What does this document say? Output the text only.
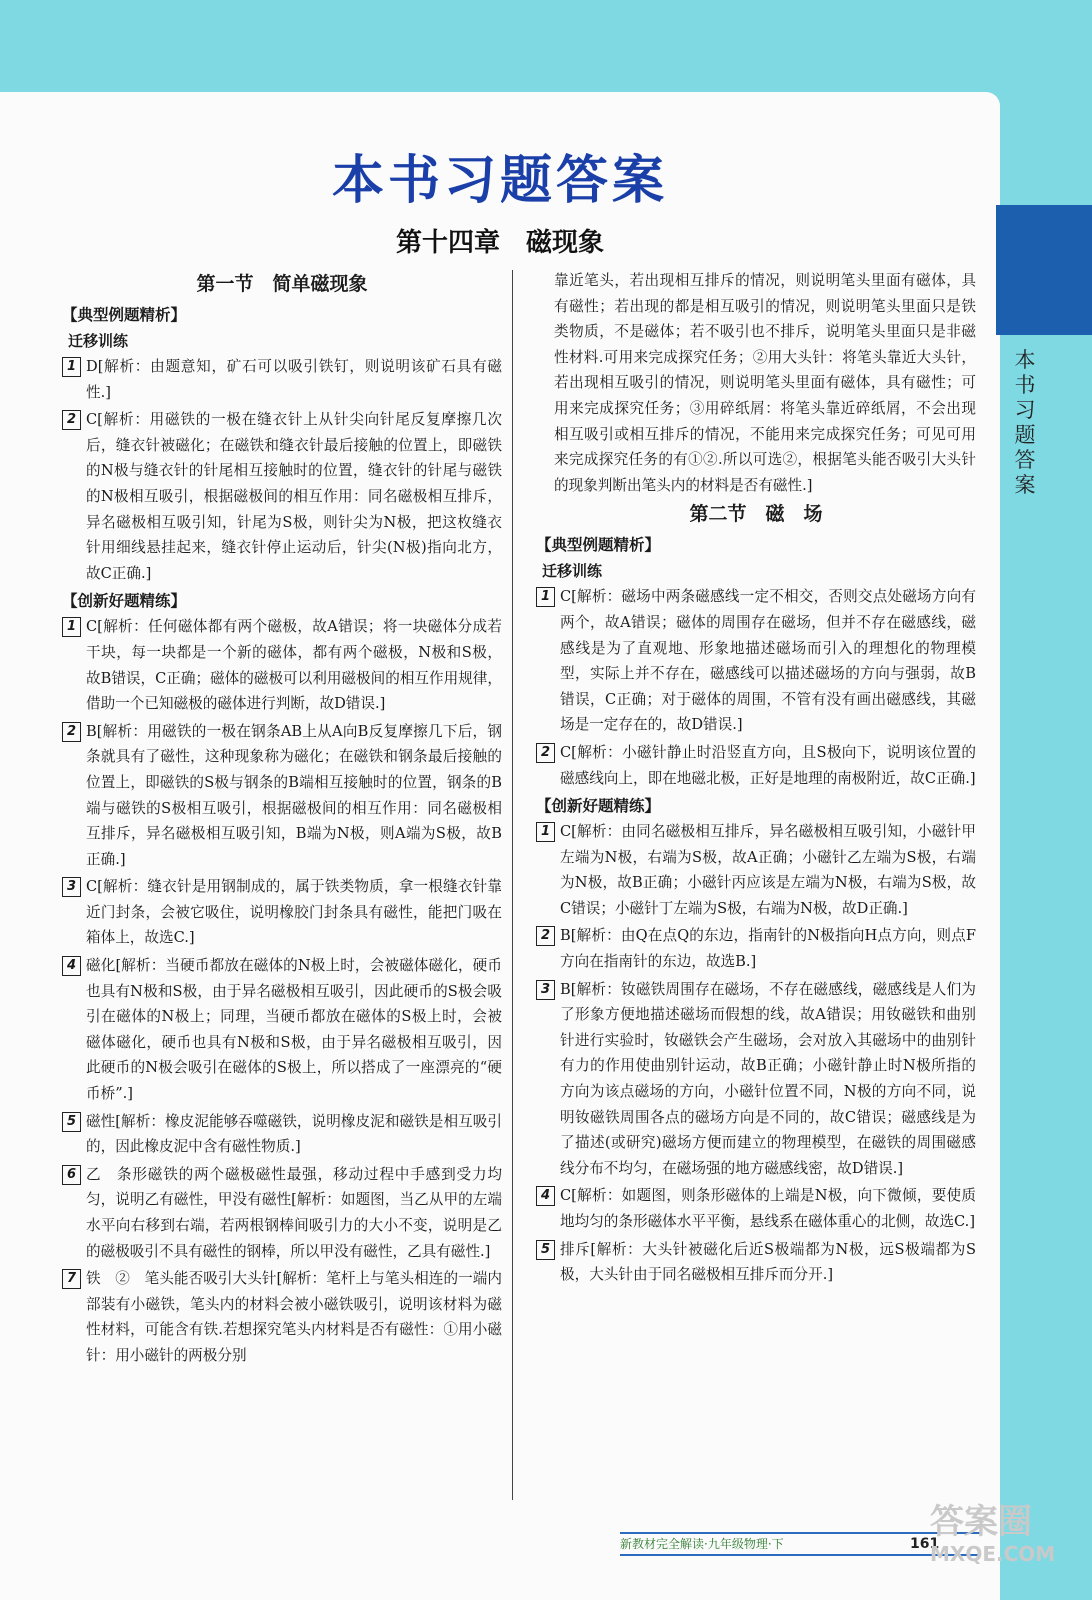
本
书
习
题
答
案
本书习题答案
第十四章　磁现象
第一节　简单磁现象
【典型例题精析】
迁移训练
1 D[解析：由题意知，矿石可以吸引铁钉，则说明该矿石具有磁性.]
2 C[解析：用磁铁的一极在缝衣针上从针尖向针尾反复摩擦几次后，缝衣针被磁化；在磁铁和缝衣针最后接触的位置上，即磁铁的N极与缝衣针的针尾相互接触时的位置，缝衣针的针尾与磁铁的N极相互吸引，根据磁极间的相互作用：同名磁极相互排斥，异名磁极相互吸引知，针尾为S极，则针尖为N极，把这枚缝衣针用细线悬挂起来，缝衣针停止运动后，针尖(N极)指向北方，故C正确.]
【创新好题精练】
1 C[解析：任何磁体都有两个磁极，故A错误；将一块磁体分成若干块，每一块都是一个新的磁体，都有两个磁极，N极和S极，故B错误，C正确；磁体的磁极可以利用磁极间的相互作用规律，借助一个已知磁极的磁体进行判断，故D错误.]
2 B[解析：用磁铁的一极在钢条AB上从A向B反复摩擦几下后，钢条就具有了磁性，这种现象称为磁化；在磁铁和钢条最后接触的位置上，即磁铁的S极与钢条的B端相互接触时的位置，钢条的B端与磁铁的S极相互吸引，根据磁极间的相互作用：同名磁极相互排斥，异名磁极相互吸引知，B端为N极，则A端为S极，故B正确.]
3 C[解析：缝衣针是用钢制成的，属于铁类物质，拿一根缝衣针靠近门封条，会被它吸住，说明橡胶门封条具有磁性，能把门吸在箱体上，故选C.]
4 磁化[解析：当硬币都放在磁体的N极上时，会被磁体磁化，硬币也具有N极和S极，由于异名磁极相互吸引，因此硬币的S极会吸引在磁体的N极上；同理，当硬币都放在磁体的S极上时，会被磁体磁化，硬币也具有N极和S极，由于异名磁极相互吸引，因此硬币的N极会吸引在磁体的S极上，所以搭成了一座漂亮的“硬币桥”.]
5 磁性[解析：橡皮泥能够吞噬磁铁，说明橡皮泥和磁铁是相互吸引的，因此橡皮泥中含有磁性物质.]
6 乙　条形磁铁的两个磁极磁性最强，移动过程中手感到受力均匀，说明乙有磁性，甲没有磁性[解析：如题图，当乙从甲的左端水平向右移到右端，若两根钢棒间吸引力的大小不变，说明是乙的磁极吸引不具有磁性的钢棒，所以甲没有磁性，乙具有磁性.]
7 铁　②　笔头能否吸引大头针[解析：笔杆上与笔头相连的一端内部装有小磁铁，笔头内的材料会被小磁铁吸引，说明该材料为磁性材料，可能含有铁.若想探究笔头内材料是否有磁性：①用小磁针：用小磁针的两极分别
靠近笔头，若出现相互排斥的情况，则说明笔头里面有磁体，具有磁性；若出现的都是相互吸引的情况，则说明笔头里面只是铁类物质，不是磁体；若不吸引也不排斥，说明笔头里面只是非磁性材料.可用来完成探究任务；②用大头针：将笔头靠近大头针，若出现相互吸引的情况，则说明笔头里面有磁体，具有磁性；可用来完成探究任务；③用碎纸屑：将笔头靠近碎纸屑，不会出现相互吸引或相互排斥的情况，不能用来完成探究任务；可见可用来完成探究任务的有①②.所以可选②，根据笔头能否吸引大头针的现象判断出笔头内的材料是否有磁性.]
第二节　磁　场
【典型例题精析】
迁移训练
1 C[解析：磁场中两条磁感线一定不相交，否则交点处磁场方向有两个，故A错误；磁体的周围存在磁场，但并不存在磁感线，磁感线是为了直观地、形象地描述磁场而引入的理想化的物理模型，实际上并不存在，磁感线可以描述磁场的方向与强弱，故B错误，C正确；对于磁体的周围，不管有没有画出磁感线，其磁场是一定存在的，故D错误.]
2 C[解析：小磁针静止时沿竖直方向，且S极向下，说明该位置的磁感线向上，即在地磁北极，正好是地理的南极附近，故C正确.]
【创新好题精练】
1 C[解析：由同名磁极相互排斥，异名磁极相互吸引知，小磁针甲左端为N极，右端为S极，故A正确；小磁针乙左端为S极，右端为N极，故B正确；小磁针丙应该是左端为N极，右端为S极，故C错误；小磁针丁左端为S极，右端为N极，故D正确.]
2 B[解析：由Q在点Q的东边，指南针的N极指向H点方向，则点F方向在指南针的东边，故选B.]
3 B[解析：钕磁铁周围存在磁场，不存在磁感线，磁感线是人们为了形象方便地描述磁场而假想的线，故A错误；用钕磁铁和曲别针进行实验时，钕磁铁会产生磁场，会对放入其磁场中的曲别针有力的作用使曲别针运动，故B正确；小磁针静止时N极所指的方向为该点磁场的方向，小磁针位置不同，N极的方向不同，说明钕磁铁周围各点的磁场方向是不同的，故C错误；磁感线是为了描述(或研究)磁场方便而建立的物理模型，在磁铁的周围磁感线分布不均匀，在磁场强的地方磁感线密，故D错误.]
4 C[解析：如题图，则条形磁体的上端是N极，向下微倾，要使质地均匀的条形磁体水平平衡，悬线系在磁体重心的北侧，故选C.]
5 排斥[解析：大头针被磁化后近S极端都为N极，远S极端都为S极，大头针由于同名磁极相互排斥而分开.]
新教材完全解读·九年级物理·下	161
答案圈
MXQE.COM
